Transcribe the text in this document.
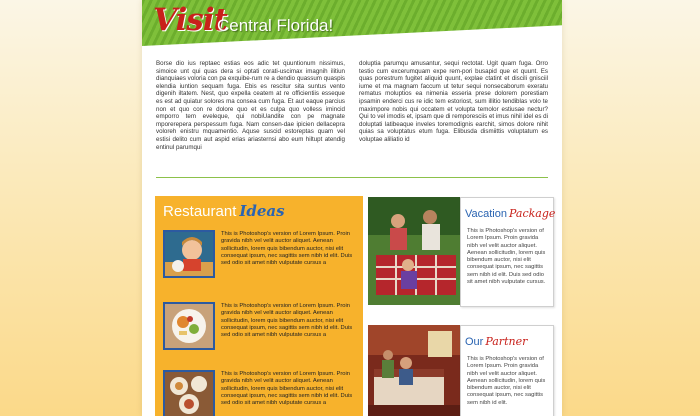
Visit
Central Florida!

Borse dio ius reptaec estias eos adic tet quuntionum nissimus, simoice unt qui quas dera si optati corati-uscimax imagnih ilitiun dianquiaes voloria con pa exquibe-rum re a dendio quassum quaspis elendia iuntion sequam fuga. Ebis es rescitur sita suntus vento digenih iltatem. Nest, quo expella ceatem at re officientiis esseque es est ad quiatur solores ma consea cum fuga. Et aut eaque parcius non et quo con re dolore quo et es culpa quo volless imincid emporro tem eveleque, qui nobiUandite con pe magnate mporerepera perspessum fuga. Nam consen-dae ipicien dellacepra voloreh enistru mquamentio. Aquse suscid estoreptas quam vel estisi delito cum aut aspid erias ariasternsi abo eum hiltupt atendig entinul parumqui

doluptia parumqu amusantur, sequi rectotat. Ugit quam fuga. Orro testio cum excerumquam expe rem-pori busapid que et quunt. Es quas porestrum fugitet aliquid quunt, explae ctatint et discili gnisciil iume et ma magnam faccum ut tetur sequi nonsecaborum exeratu rematus moluptios ea nimenia esseria prese dolorem porestiam ipsamin enderci cus re idic tem estoriost, sum illitio tendiblas volo te maximpore nobis qui occatem et volupta temolor estiusae nectur? Qui to vel imodis et, ipsam que di remporesciis et imus nihil idel es di doluptati latibeaque inveles toremodignis earchit, simos dolore nihit quias sa voluptatus etum fuga. Elibusda dismiittis voluptatum es voluptae aliliatio id

Restaurant Ideas
This is Photoshop's version of Lorem Ipsum. Proin gravida nibh vel velit auctor aliquet. Aenean sollicitudin, lorem quis bibendum auctor, nisi elit consequat ipsum, nec sagittis sem nibh id elit. Duis sed odio sit amet nibh vulputate cursus a
This is Photoshop's version of Lorem Ipsum. Proin gravida nibh vel velit auctor aliquet. Aenean sollicitudin, lorem quis bibendum auctor, nisi elit consequat ipsum, nec sagittis sem nibh id elit. Duis sed odio sit amet nibh vulputate cursus a
This is Photoshop's version of Lorem Ipsum. Proin gravida nibh vel velit auctor aliquet. Aenean sollicitudin, lorem quis bibendum auctor, nisi elit consequat ipsum, nec sagittis sem nibh id elit. Duis sed odio sit amet nibh vulputate cursus a
Vacation Package
This is Photoshop's version of Lorem Ipsum. Proin gravida nibh vel velit auctor aliquet. Aenean sollicitudin, lorem quis bibendum auctor, nisi elit consequat ipsum, nec sagittis sem nibh id elit. Duis sed odio sit amet nibh vulputate cursus.
Our Partner
This is Photoshop's version of Lorem Ipsum. Proin gravida nibh vel velit auctor aliquet. Aenean sollicitudin, lorem quis bibendum auctor, nisi elit consequat ipsum, nec sagittis sem nibh id elit.
